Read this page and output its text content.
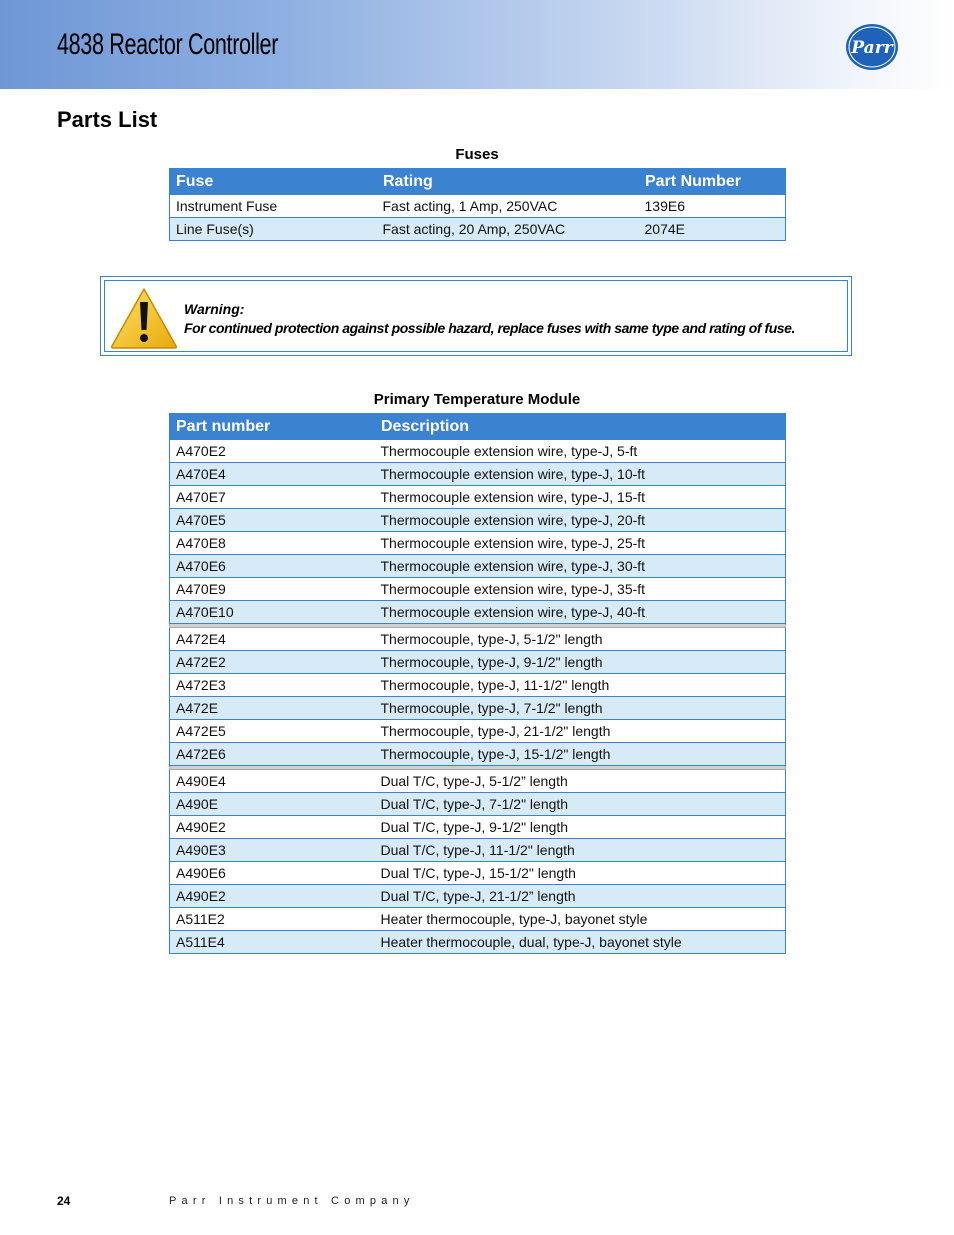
4838 Reactor Controller	Parr
Parts List
Fuses
Fuse	Rating	Part Number
Instrument Fuse	Fast acting, 1 Amp, 250VAC	139E6
Line Fuse(s)	Fast acting, 20 Amp, 250VAC	2074E
Warning:
For continued protection against possible hazard, replace fuses with same type and rating of fuse.
Primary Temperature Module
Part number	Description
A470E2	Thermocouple extension wire, type-J, 5-ft
A470E4	Thermocouple extension wire, type-J, 10-ft
A470E7	Thermocouple extension wire, type-J, 15-ft
A470E5	Thermocouple extension wire, type-J, 20-ft
A470E8	Thermocouple extension wire, type-J, 25-ft
A470E6	Thermocouple extension wire, type-J, 30-ft
A470E9	Thermocouple extension wire, type-J, 35-ft
A470E10	Thermocouple extension wire, type-J, 40-ft

A472E4	Thermocouple, type-J, 5-1/2" length
A472E2	Thermocouple, type-J, 9-1/2" length
A472E3	Thermocouple, type-J, 11-1/2" length
A472E	Thermocouple, type-J, 7-1/2" length
A472E5	Thermocouple, type-J, 21-1/2" length
A472E6	Thermocouple, type-J, 15-1/2" length

A490E4	Dual T/C, type-J, 5-1/2” length
A490E	Dual T/C, type-J, 7-1/2" length
A490E2	Dual T/C, type-J, 9-1/2" length
A490E3	Dual T/C, type-J, 11-1/2" length
A490E6	Dual T/C, type-J, 15-1/2" length
A490E2	Dual T/C, type-J, 21-1/2” length
A511E2	Heater thermocouple, type-J, bayonet style
A511E4	Heater thermocouple, dual, type-J, bayonet style
24	Parr Instrument Company
